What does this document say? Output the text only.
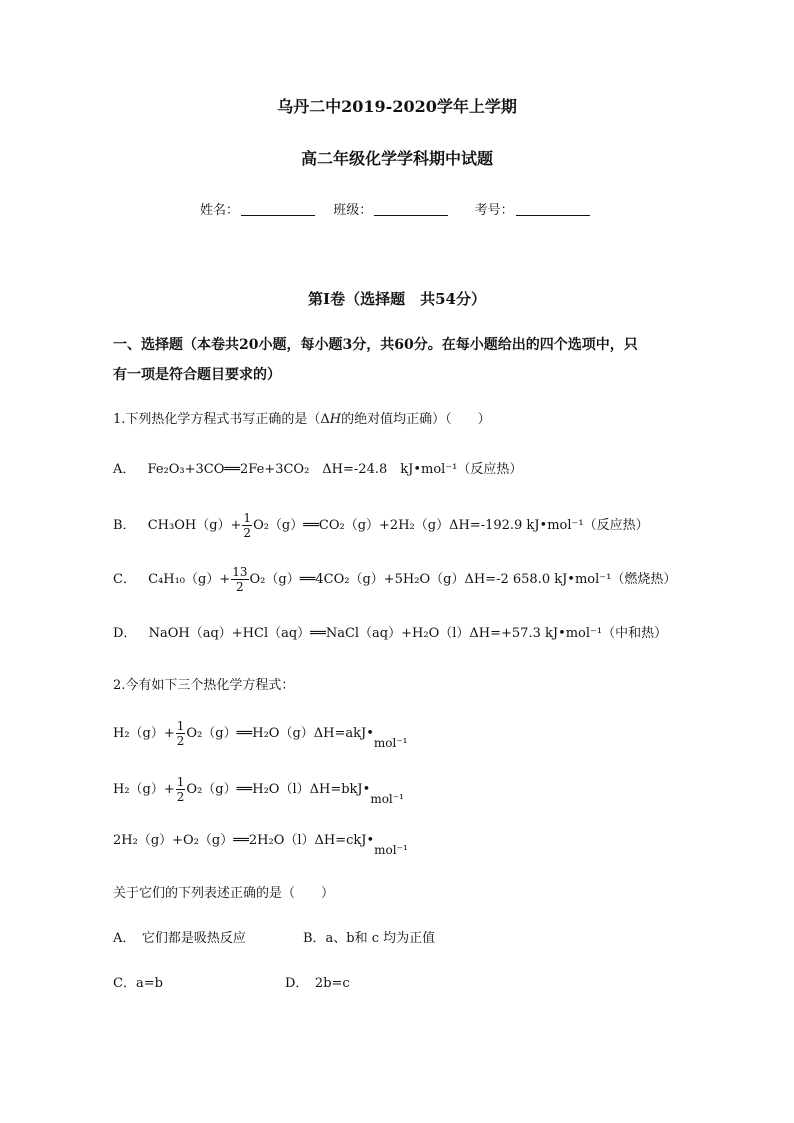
乌丹二中2019-2020学年上学期
高二年级化学学科期中试题
姓名：	班级：	考号：
第Ⅰ卷（选择题　共54分）
一、选择题（本卷共20小题，每小题3分，共60分。在每小题给出的四个选项中，只
有一项是符合题目要求的）
1.下列热化学方程式书写正确的是（ΔH的绝对值均正确）（　　）
A． Fe₂O₃+3CO══2Fe+3CO₂　ΔH=-24.8　kJ•mol⁻¹（反应热）
B． $CH_3OH(g)+ \frac{1}{2}$ O₂（g）══CO₂（g）+2H₂（g）ΔH=-192.9 kJ•mol⁻¹（反应热）
C． $C_4H_{10}(g)+ \frac{13}{2}$ O₂（g）══4CO₂（g）+5H₂O（g）ΔH=-2 658.0 kJ•mol⁻¹（燃烧热）
D． NaOH（aq）+HCl（aq）══NaCl（aq）+H₂O（l）ΔH=+57.3 kJ•mol⁻¹（中和热）
2.今有如下三个热化学方程式：
$H_2(g)+ \frac{1}{2}$ O₂（g）══H₂O（g）ΔH=akJ•mol⁻¹
$H_2(g)+ \frac{1}{2}$ O₂（g）══H₂O（l）ΔH=bkJ•mol⁻¹
2H₂（g）+O₂（g）══2H₂O（l）ΔH=ckJ•mol⁻¹
关于它们的下列表述正确的是（　　）
A．　它们都是吸热反应	B．a、b和 c 均为正值
C．a=b	D．　2b=c
